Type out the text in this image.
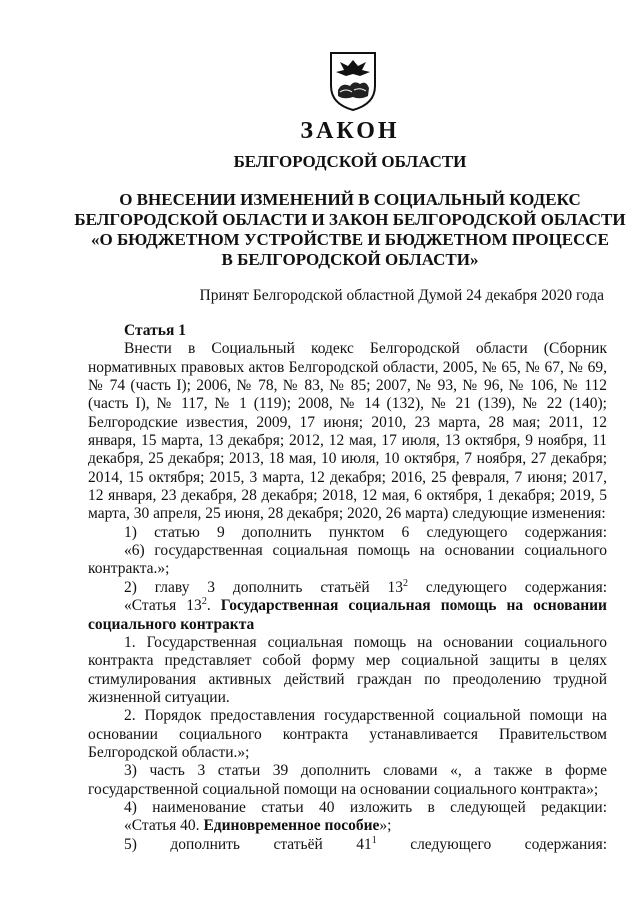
ЗАКОН
БЕЛГОРОДСКОЙ ОБЛАСТИ
О ВНЕСЕНИИ ИЗМЕНЕНИЙ В СОЦИАЛЬНЫЙ КОДЕКС
БЕЛГОРОДСКОЙ ОБЛАСТИ И ЗАКОН БЕЛГОРОДСКОЙ ОБЛАСТИ
«О БЮДЖЕТНОМ УСТРОЙСТВЕ И БЮДЖЕТНОМ ПРОЦЕССЕ
В БЕЛГОРОДСКОЙ ОБЛАСТИ»
Принят Белгородской областной Думой 24 декабря 2020 года
Статья 1

Внести в Социальный кодекс Белгородской области (Сборник нормативных правовых актов Белгородской области, 2005, № 65, № 67, № 69, № 74 (часть I); 2006, № 78, № 83, № 85; 2007, № 93, № 96, № 106, № 112 (часть I), № 117, № 1 (119); 2008, № 14 (132), № 21 (139), № 22 (140); Белгородские известия, 2009, 17 июня; 2010, 23 марта, 28 мая; 2011, 12 января, 15 марта, 13 декабря; 2012, 12 мая, 17 июля, 13 октября, 9 ноября, 11 декабря, 25 декабря; 2013, 18 мая, 10 июля, 10 октября, 7 ноября, 27 декабря; 2014, 15 октября; 2015, 3 марта, 12 декабря; 2016, 25 февраля, 7 июня; 2017, 12 января, 23 декабря, 28 декабря; 2018, 12 мая, 6 октября, 1 декабря; 2019, 5 марта, 30 апреля, 25 июня, 28 декабря; 2020, 26 марта) следующие изменения:

1) статью 9 дополнить пунктом 6 следующего содержания:

«6) государственная социальная помощь на основании социального контракта.»;

2) главу 3 дополнить статьёй $13^2$ следующего содержания:

«Статья $13^2$. Государственная социальная помощь на основании социального контракта

1. Государственная социальная помощь на основании социального контракта представляет собой форму мер социальной защиты в целях стимулирования активных действий граждан по преодолению трудной жизненной ситуации.

2. Порядок предоставления государственной социальной помощи на основании социального контракта устанавливается Правительством Белгородской области.»;

3) часть 3 статьи 39 дополнить словами «, а также в форме государственной социальной помощи на основании социального контракта»;

4) наименование статьи 40 изложить в следующей редакции:

«Статья 40. Единовременное пособие»;

5) дополнить статьёй $41^1$ следующего содержания:
